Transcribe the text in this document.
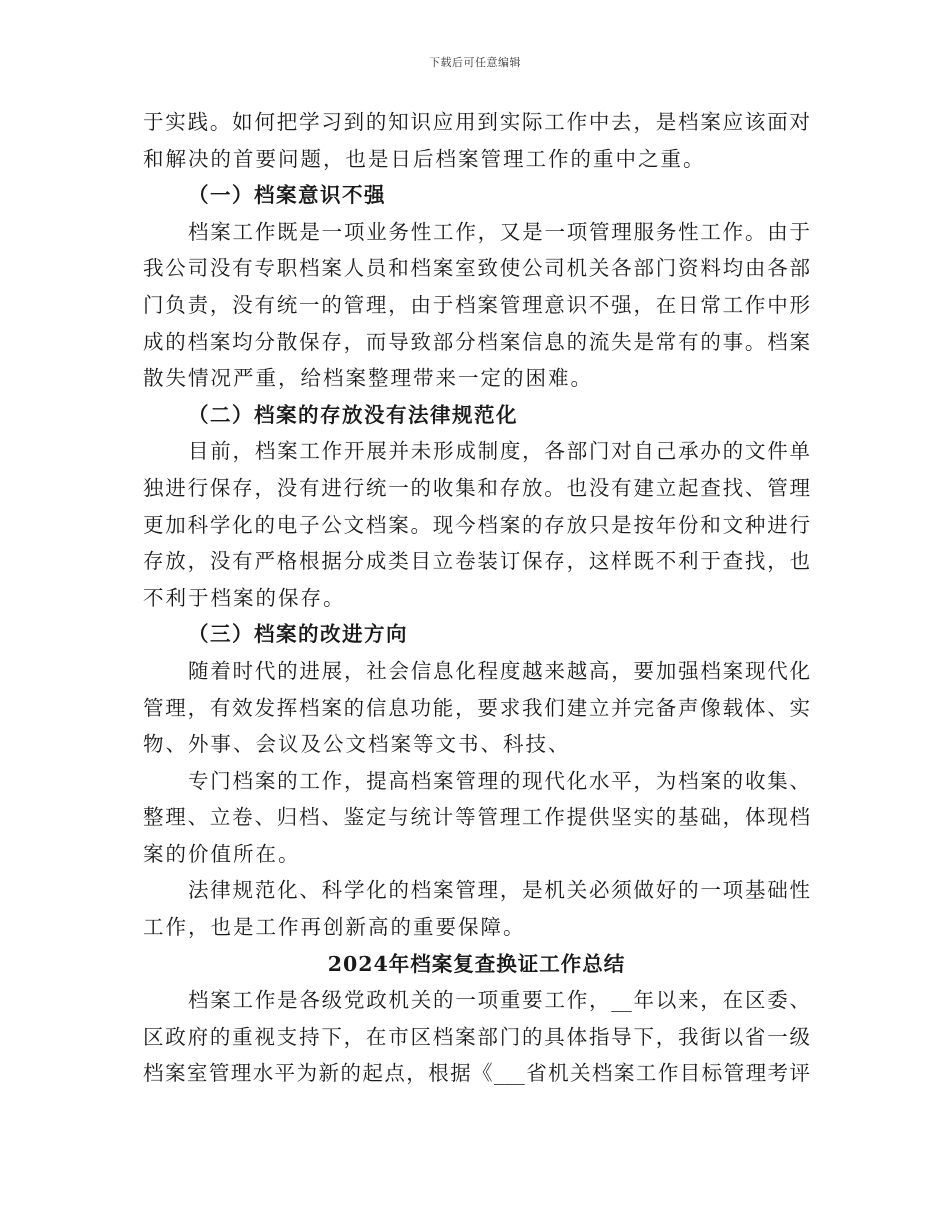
下载后可任意编辑
于实践。如何把学习到的知识应用到实际工作中去，是档案应该面对
和解决的首要问题，也是日后档案管理工作的重中之重。
（一）档案意识不强
档案工作既是一项业务性工作，又是一项管理服务性工作。由于
我公司没有专职档案人员和档案室致使公司机关各部门资料均由各部
门负责，没有统一的管理，由于档案管理意识不强，在日常工作中形
成的档案均分散保存，而导致部分档案信息的流失是常有的事。档案
散失情况严重，给档案整理带来一定的困难。
（二）档案的存放没有法律规范化
目前，档案工作开展并未形成制度，各部门对自己承办的文件单
独进行保存，没有进行统一的收集和存放。也没有建立起查找、管理
更加科学化的电子公文档案。现今档案的存放只是按年份和文种进行
存放，没有严格根据分成类目立卷装订保存，这样既不利于查找，也
不利于档案的保存。
（三）档案的改进方向
随着时代的进展，社会信息化程度越来越高，要加强档案现代化
管理，有效发挥档案的信息功能，要求我们建立并完备声像载体、实
物、外事、会议及公文档案等文书、科技、
专门档案的工作，提高档案管理的现代化水平，为档案的收集、
整理、立卷、归档、鉴定与统计等管理工作提供坚实的基础，体现档
案的价值所在。
法律规范化、科学化的档案管理，是机关必须做好的一项基础性
工作，也是工作再创新高的重要保障。
2024年档案复查换证工作总结
档案工作是各级党政机关的一项重要工作，__年以来，在区委、
区政府的重视支持下，在市区档案部门的具体指导下，我街以省一级
档案室管理水平为新的起点，根据《___省机关档案工作目标管理考评
